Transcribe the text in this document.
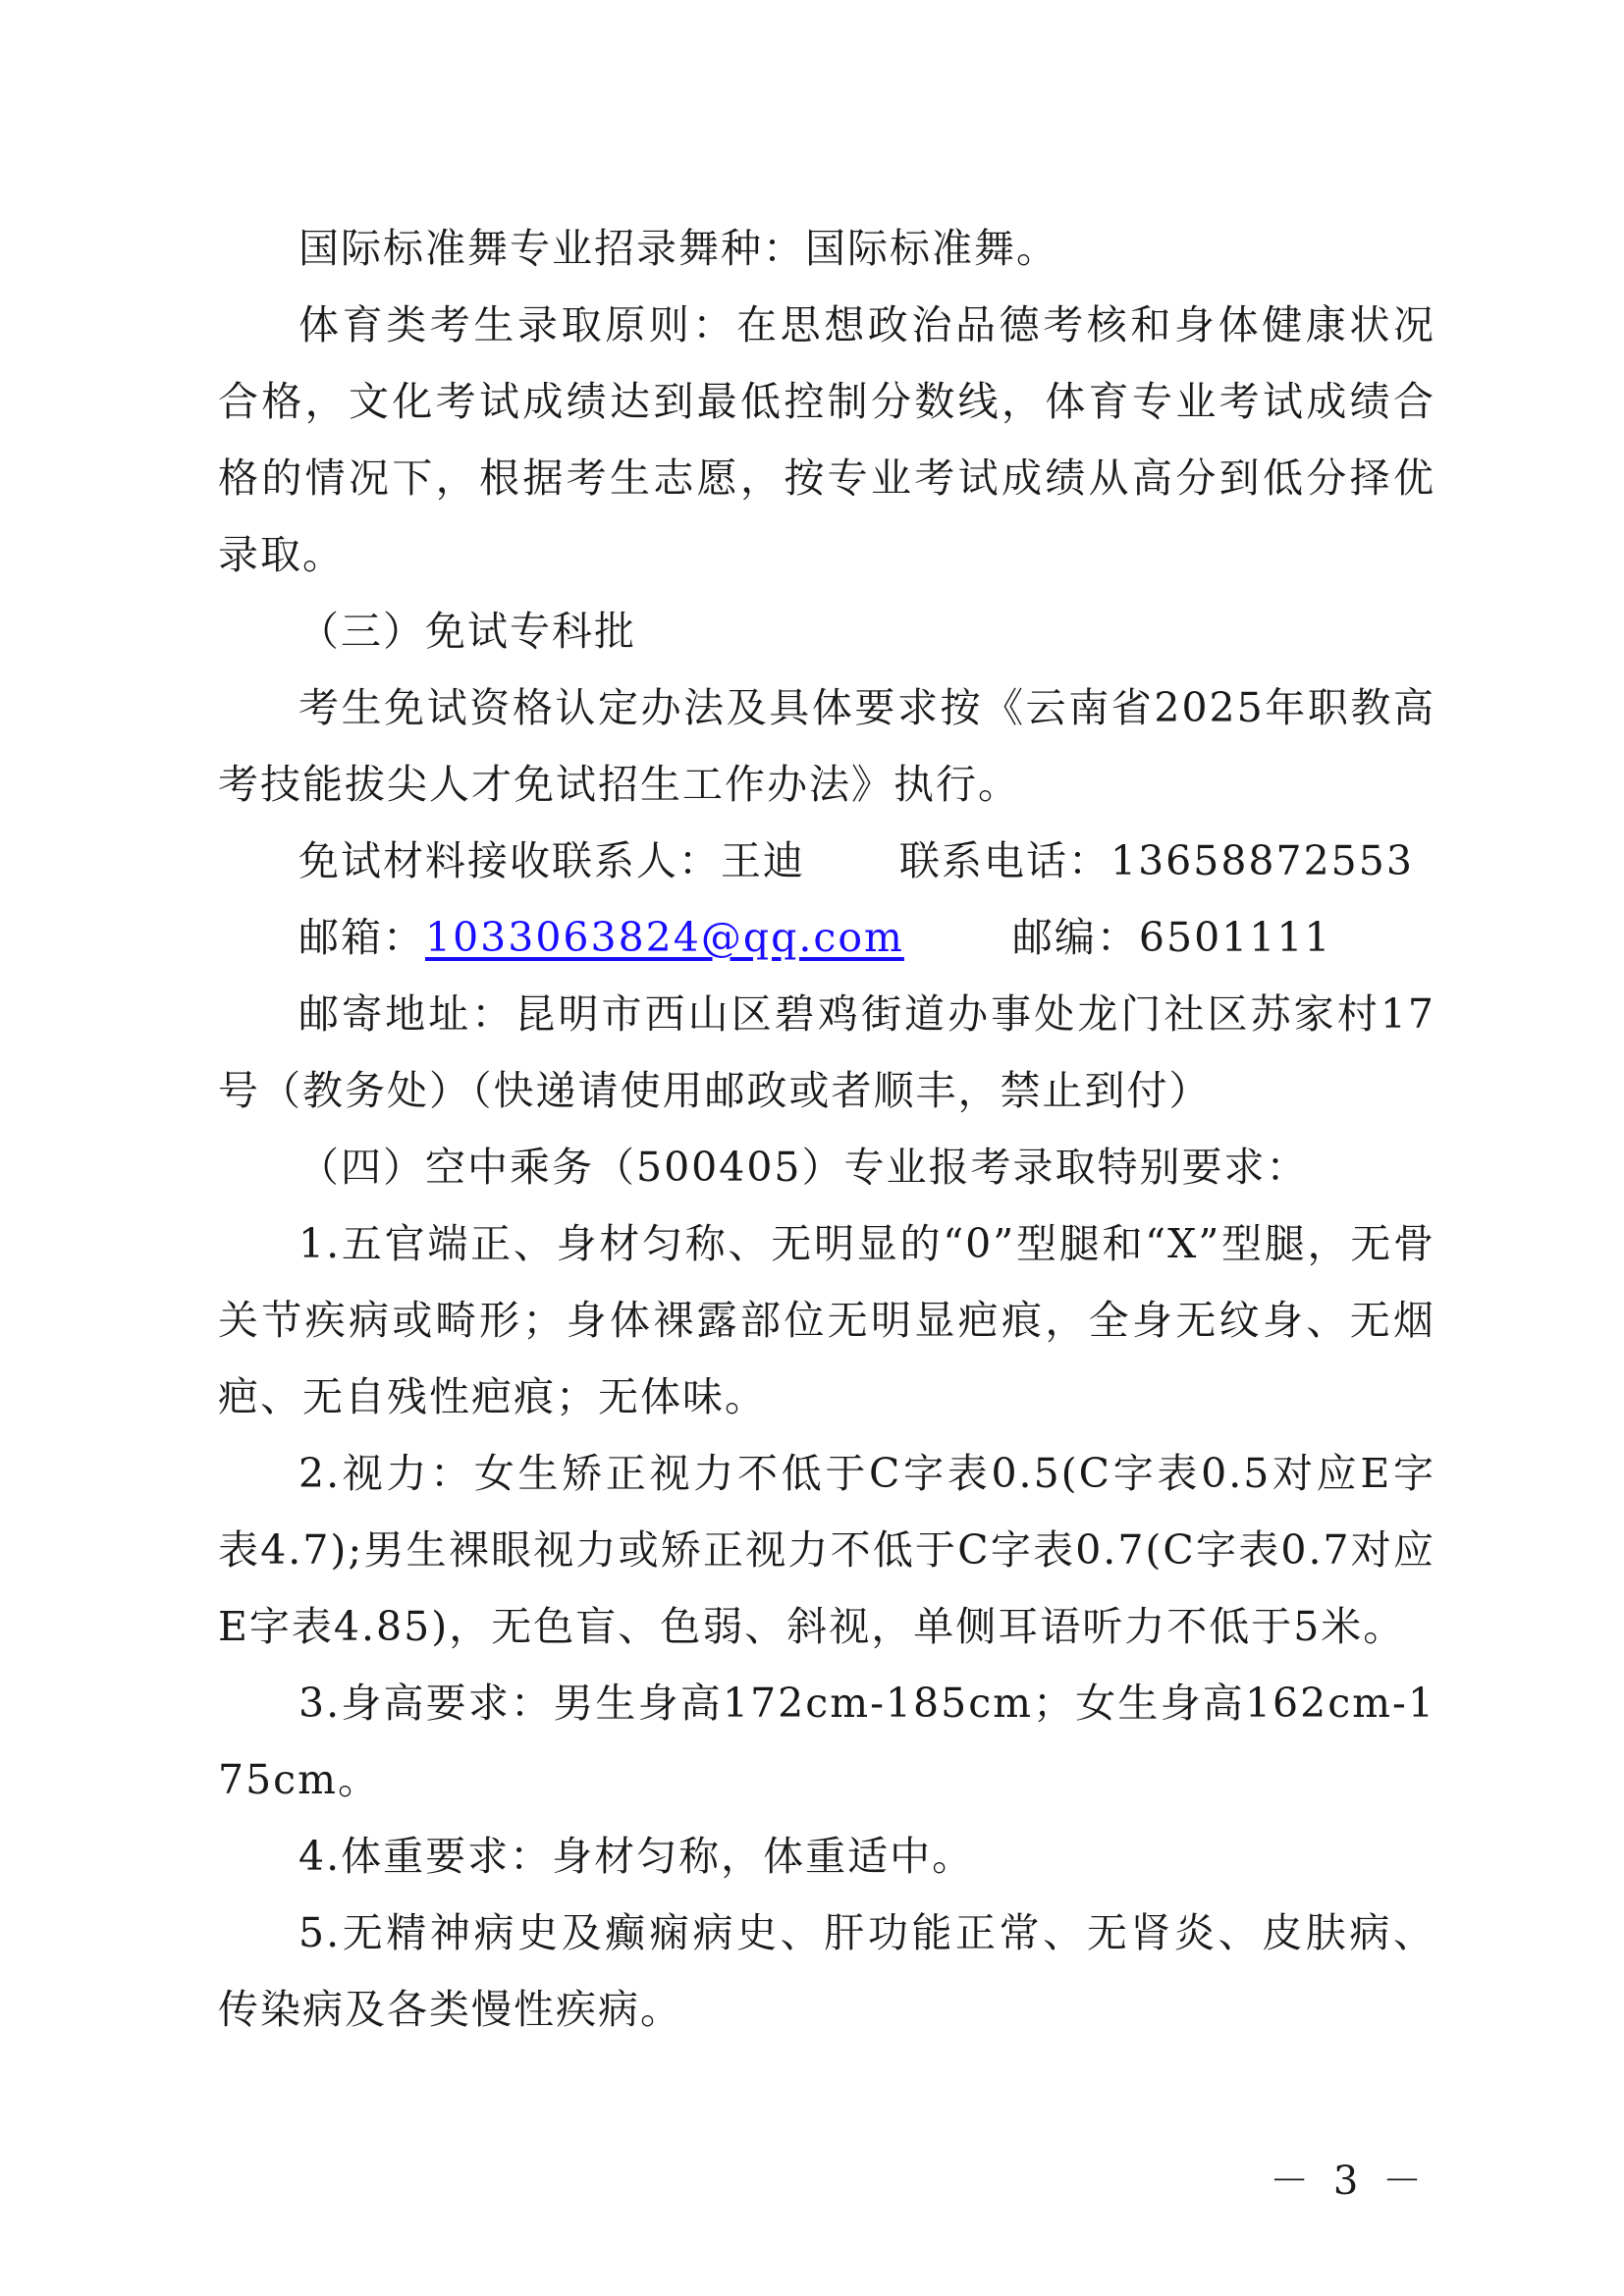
国际标准舞专业招录舞种：国际标准舞。

体育类考生录取原则：在思想政治品德考核和身体健康状况合格，文化考试成绩达到最低控制分数线，体育专业考试成绩合格的情况下，根据考生志愿，按专业考试成绩从高分到低分择优录取。

（三）免试专科批

考生免试资格认定办法及具体要求按《云南省2025年职教高考技能拔尖人才免试招生工作办法》执行。

免试材料接收联系人：王迪 联系电话：13658872553

邮箱：1033063824@qq.com	邮编：6501111

邮寄地址：昆明市西山区碧鸡街道办事处龙门社区苏家村17号（教务处）（快递请使用邮政或者顺丰，禁止到付）

（四）空中乘务（500405）专业报考录取特别要求：

1.五官端正、身材匀称、无明显的“0”型腿和“X”型腿，无骨关节疾病或畸形；身体裸露部位无明显疤痕，全身无纹身、无烟疤、无自残性疤痕；无体味。

2.视力：女生矫正视力不低于C字表0.5(C字表0.5对应E字表4.7);男生裸眼视力或矫正视力不低于C字表0.7(C字表0.7对应E字表4.85)，无色盲、色弱、斜视，单侧耳语听力不低于5米。

3.身高要求：男生身高172cm-185cm；女生身高162cm-175cm。

4.体重要求：身材匀称，体重适中。

5.无精神病史及癫痫病史、肝功能正常、无肾炎、皮肤病、传染病及各类慢性疾病。

－ 3 －
